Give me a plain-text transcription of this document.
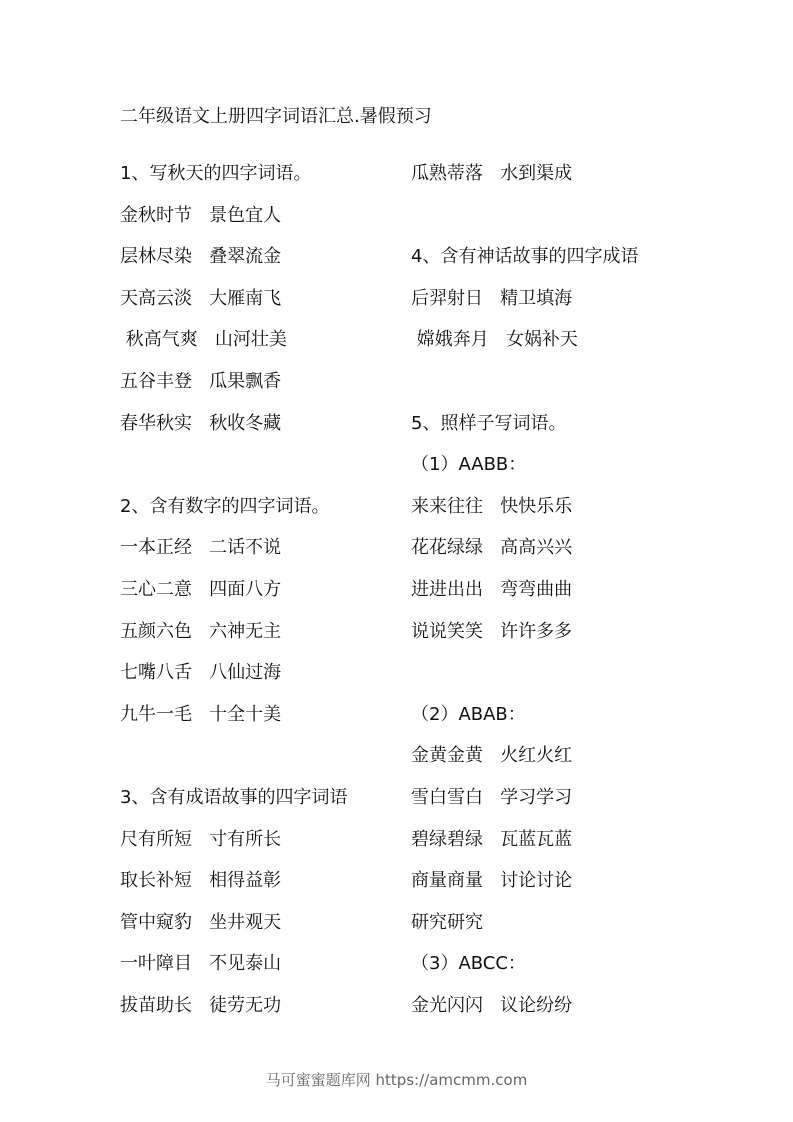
二年级语文上册四字词语汇总.暑假预习
1、写秋天的四字词语。
金秋时节   景色宜人
层林尽染   叠翠流金
天高云淡   大雁南飞
秋高气爽   山河壮美
五谷丰登   瓜果飘香
春华秋实   秋收冬藏
2、含有数字的四字词语。
一本正经   二话不说
三心二意   四面八方
五颜六色   六神无主
七嘴八舌   八仙过海
九牛一毛   十全十美
3、含有成语故事的四字词语
尺有所短   寸有所长
取长补短   相得益彰
管中窥豹   坐井观天
一叶障目   不见泰山
拔苗助长   徒劳无功
瓜熟蒂落   水到渠成
4、含有神话故事的四字成语
后羿射日   精卫填海
嫦娥奔月   女娲补天
5、照样子写词语。
（1）AABB：
来来往往   快快乐乐
花花绿绿   高高兴兴
进进出出   弯弯曲曲
说说笑笑   许许多多
（2）ABAB：
金黄金黄   火红火红
雪白雪白   学习学习
碧绿碧绿   瓦蓝瓦蓝
商量商量   讨论讨论
研究研究
（3）ABCC：
金光闪闪   议论纷纷
马可蜜蜜题库网 https://amcmm.com
